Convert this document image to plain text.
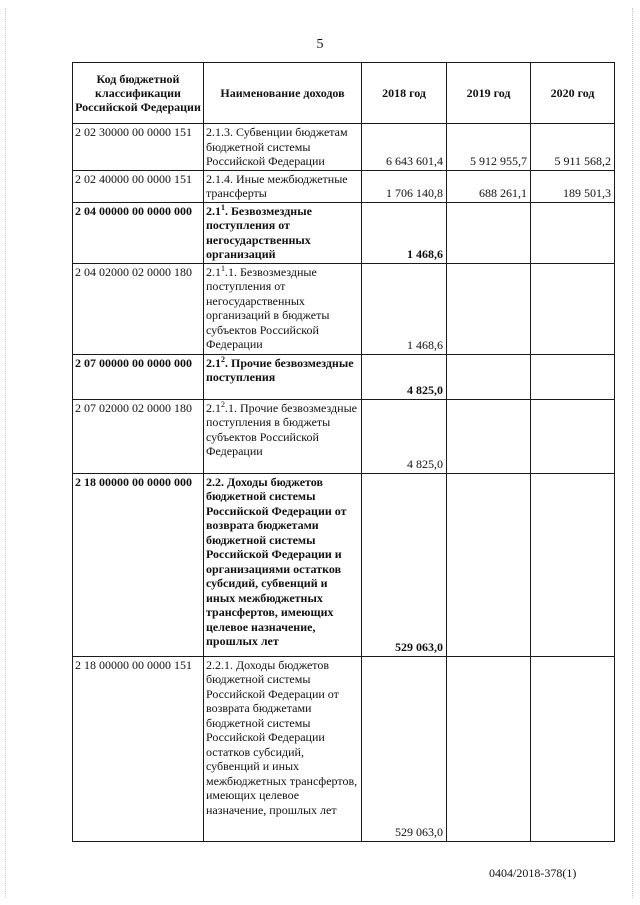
5
Код бюджетной классификации Российской Федерации	Наименование доходов	2018 год	2019 год	2020 год
2 02 30000 00 0000 151	2.1.3. Субвенции бюджетам бюджетной системы Российской Федерации	6 643 601,4	5 912 955,7	5 911 568,2
2 02 40000 00 0000 151	2.1.4. Иные межбюджетные трансферты	1 706 140,8	688 261,1	189 501,3
2 04 00000 00 0000 000	$2.1^1$. Безвозмездные поступления от негосударственных организаций	1 468,6		
2 04 02000 02 0000 180	$2.1^1.1$. Безвозмездные поступления от негосударственных организаций в бюджеты субъектов Российской Федерации	1 468,6		
2 07 00000 00 0000 000	$2.1^2$. Прочие безвозмездные поступления	4 825,0		
2 07 02000 02 0000 180	$2.1^2.1$. Прочие безвозмездные поступления в бюджеты субъектов Российской Федерации	4 825,0		
2 18 00000 00 0000 000	2.2. Доходы бюджетов бюджетной системы Российской Федерации от возврата бюджетами бюджетной системы Российской Федерации и организациями остатков субсидий, субвенций и иных межбюджетных трансфертов, имеющих целевое назначение, прошлых лет	529 063,0		
2 18 00000 00 0000 151	2.2.1. Доходы бюджетов бюджетной системы Российской Федерации от возврата бюджетами бюджетной системы Российской Федерации остатков субсидий, субвенций и иных межбюджетных трансфертов, имеющих целевое назначение, прошлых лет	529 063,0		
0404/2018-378(1)
